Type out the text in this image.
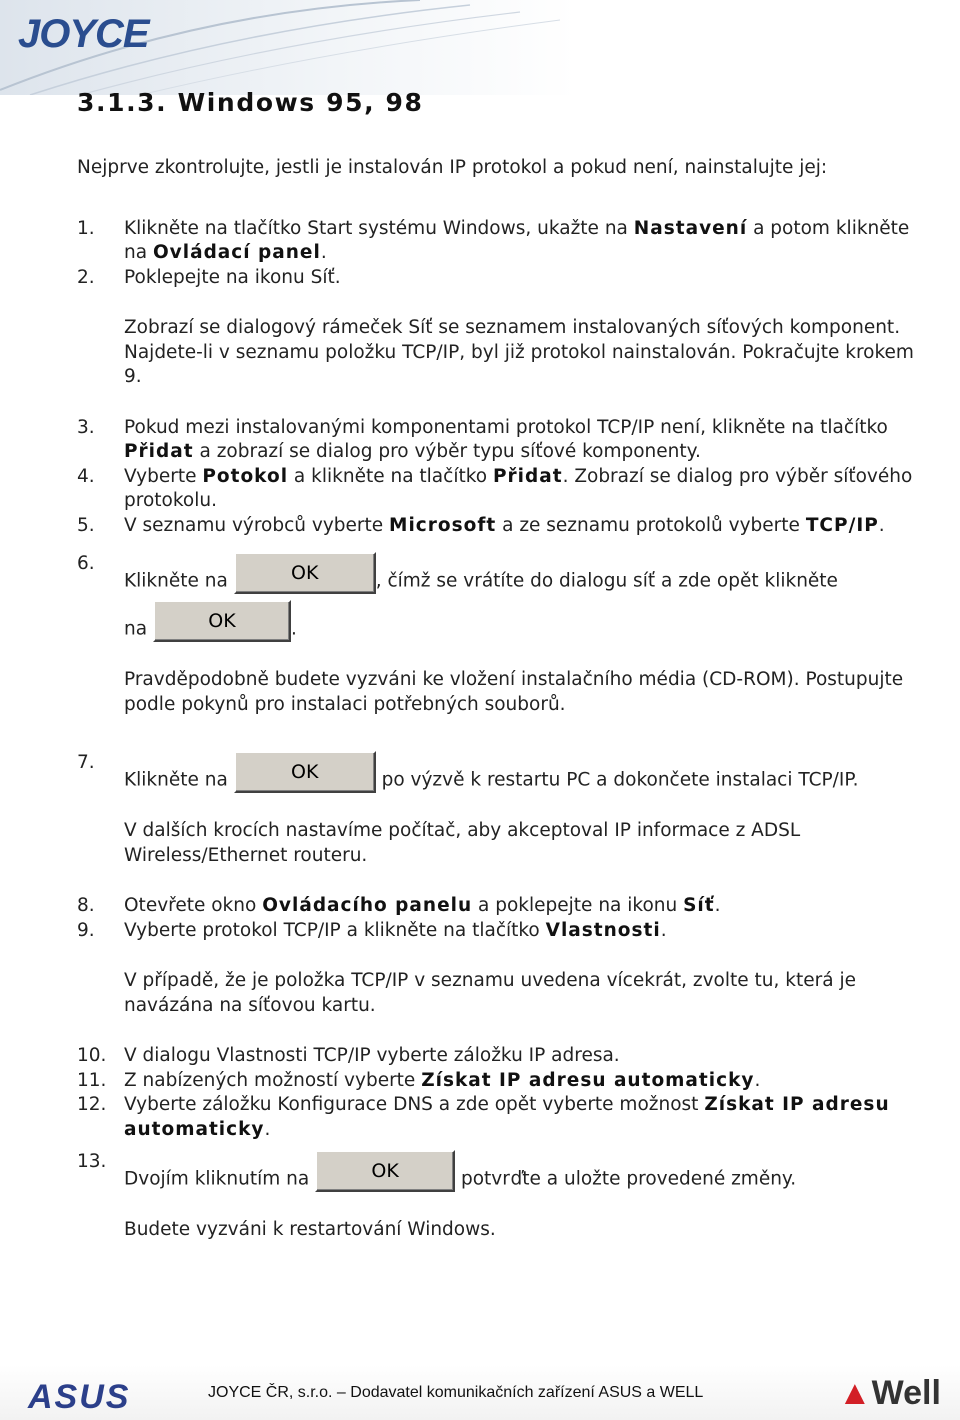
JOYCE
3.1.3. Windows 95, 98

Nejprve zkontrolujte, jestli je instalován IP protokol a pokud není, nainstalujte jej:

1. Klikněte na tlačítko Start systému Windows, ukažte na Nastavení a potom klikněte na Ovládací panel.

2. Poklepejte na ikonu Síť.

Zobrazí se dialogový rámeček Síť se seznamem instalovaných síťových komponent. Najdete-li v seznamu položku TCP/IP, byl již protokol nainstalován. Pokračujte krokem 9.

3. Pokud mezi instalovanými komponentami protokol TCP/IP není, klikněte na tlačítko Přidat a zobrazí se dialog pro výběr typu síťové komponenty.

4. Vyberte Potokol a klikněte na tlačítko Přidat. Zobrazí se dialog pro výběr síťového protokolu.

5. V seznamu výrobců vyberte Microsoft a ze seznamu protokolů vyberte TCP/IP.

6.
Klikněte na	OK	, čímž se vrátíte do dialogu síť a zde opět klikněte

na	OK	.

Pravděpodobně budete vyzváni ke vložení instalačního média (CD-ROM). Postupujte podle pokynů pro instalaci potřebných souborů.

7.
Klikněte na	OK	po výzvě k restartu PC a dokončete instalaci TCP/IP.

V dalších krocích nastavíme počítač, aby akceptoval IP informace z ADSL Wireless/Ethernet routeru.

8. Otevřete okno Ovládacího panelu a poklepejte na ikonu Síť.

9. Vyberte protokol TCP/IP a klikněte na tlačítko Vlastnosti.

V případě, že je položka TCP/IP v seznamu uvedena vícekrát, zvolte tu, která je navázána na síťovou kartu.

10. V dialogu Vlastnosti TCP/IP vyberte záložku IP adresa.

11. Z nabízených možností vyberte Získat IP adresu automaticky.

12. Vyberte záložku Konfigurace DNS a zde opět vyberte možnost Získat IP adresu automaticky.

13.
Dvojím kliknutím na	OK	potvrďte a uložte provedené změny.

Budete vyzváni k restartování Windows.

ASUS	JOYCE ČR, s.r.o. – Dodavatel komunikačních zařízení ASUS a WELL	▲Well
